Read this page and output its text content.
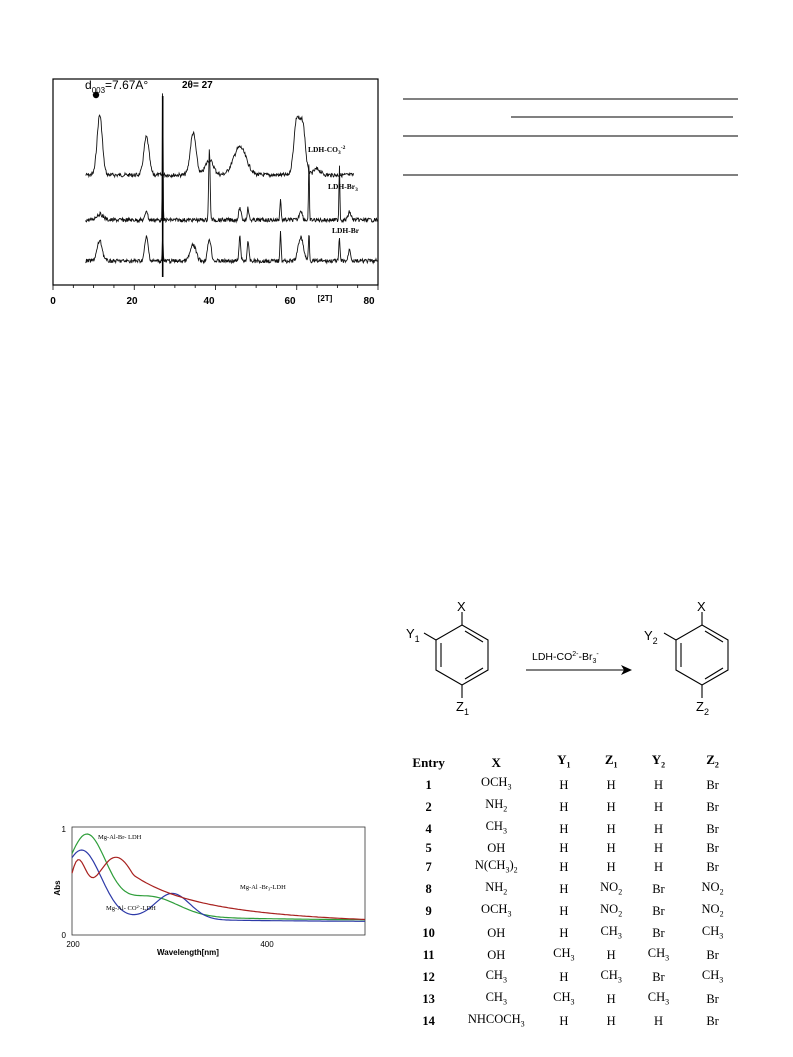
0	20	40	60	80
[2T]
$d_{003}=7.67A^\circ$	2θ= 27
LDH-$CO_3^{-2}$
LDH-$Br_3$
LDH-Br
1
0
Abs
200	400
Wavelength[nm]
Mg-Al-Br- LDH
Mg-Al $-Br_3$-LDH
Mg-Al- $CO^{2-}$-LDH
X
$Y_1$
$Z_1$
LDH-$CO^{2-}-Br_3^-$
X
$Y_2$
$Z_2$
Entry	X	$Y_1$	$Z_1$	$Y_2$	$Z_2$
1	$OCH_3$	H	H	H	Br
2	$NH_2$	H	H	H	Br
4	$CH_3$	H	H	H	Br
5	OH	H	H	H	Br
7	$N(CH_3)_2$	H	H	H	Br
8	$NH_2$	H	$NO_2$	Br	$NO_2$
9	$OCH_3$	H	$NO_2$	Br	$NO_2$
10	OH	H	$CH_3$	Br	$CH_3$
11	OH	$CH_3$	H	$CH_3$	Br
12	$CH_3$	H	$CH_3$	Br	$CH_3$
13	$CH_3$	$CH_3$	H	$CH_3$	Br
14	$NHCOCH_3$	H	H	H	Br
